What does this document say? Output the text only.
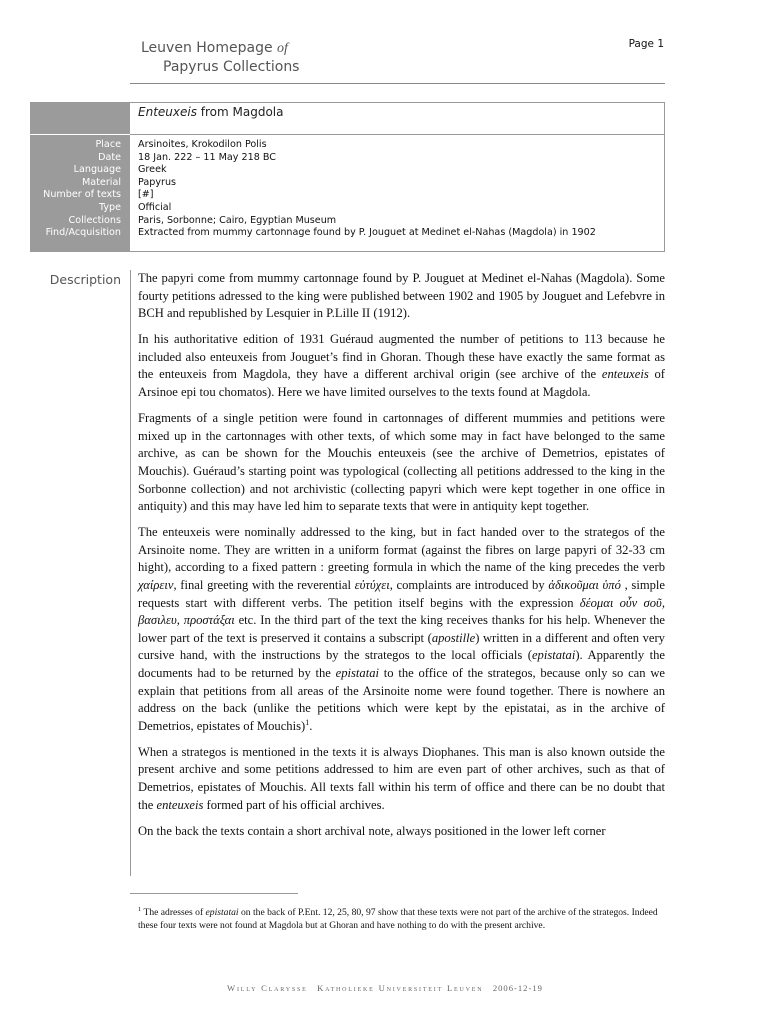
Leuven Homepage of
Papyrus Collections
Page 1
Enteuxeis from Magdola
Place
Date
Language
Material
Number of texts
Type
Collections
Find/Acquisition
Arsinoites, Krokodilon Polis
18 Jan. 222 – 11 May 218 BC
Greek
Papyrus
[#]
Official
Paris, Sorbonne; Cairo, Egyptian Museum
Extracted from mummy cartonnage found by P. Jouguet at Medinet el-Nahas (Magdola) in 1902
Description The papyri come from mummy cartonnage found by P. Jouguet at Medinet el-Nahas (Magdola). Some fourty petitions adressed to the king were published between 1902 and 1905 by Jouguet and Lefebvre in BCH and republished by Lesquier in P.Lille II (1912).

In his authoritative edition of 1931 Guéraud augmented the number of petitions to 113 because he included also enteuxeis from Jouguet’s find in Ghoran. Though these have exactly the same format as the enteuxeis from Magdola, they have a different archival origin (see archive of the enteuxeis of Arsinoe epi tou chomatos). Here we have limited ourselves to the texts found at Magdola.

Fragments of a single petition were found in cartonnages of different mummies and petitions were mixed up in the cartonnages with other texts, of which some may in fact have belonged to the same archive, as can be shown for the Mouchis enteuxeis (see the archive of Demetrios, epistates of Mouchis). Guéraud’s starting point was typological (collecting all petitions addressed to the king in the Sorbonne collection) and not archivistic (collecting papyri which were kept together in one office in antiquity) and this may have led him to separate texts that were in antiquity kept together.

The enteuxeis were nominally addressed to the king, but in fact handed over to the strategos of the Arsinoite nome. They are written in a uniform format (against the fibres on large papyri of 32-33 cm hight), according to a fixed pattern : greeting formula in which the name of the king precedes the verb χαίρειν, final greeting with the reverential εὐτύχει, complaints are introduced by ἀδικοῦμαι ὑπό , simple requests start with different verbs. The petition itself begins with the expression δέομαι οὖν σοῦ, βασιλευ, προστάξαι etc. In the third part of the text the king receives thanks for his help. Whenever the lower part of the text is preserved it contains a subscript (apostille) written in a different and often very cursive hand, with the instructions by the strategos to the local officials (epistatai). Apparently the documents had to be returned by the epistatai to the office of the strategos, because only so can we explain that petitions from all areas of the Arsinoite nome were found together. There is nowhere an address on the back (unlike the petitions which were kept by the epistatai, as in the archive of Demetrios, epistates of Mouchis)$^1$.

When a strategos is mentioned in the texts it is always Diophanes. This man is also known outside the present archive and some petitions addressed to him are even part of other archives, such as that of Demetrios, epistates of Mouchis. All texts fall within his term of office and there can be no doubt that the enteuxeis formed part of his official archives.

On the back the texts contain a short archival note, always positioned in the lower left corner

$^1$ The adresses of epistatai on the back of P.Ent. 12, 25, 80, 97 show that these texts were not part of the archive of the strategos. Indeed these four texts were not found at Magdola but at Ghoran and have nothing to do with the present archive.
Willy Clarysse Katholieke Universiteit Leuven 2006-12-19
